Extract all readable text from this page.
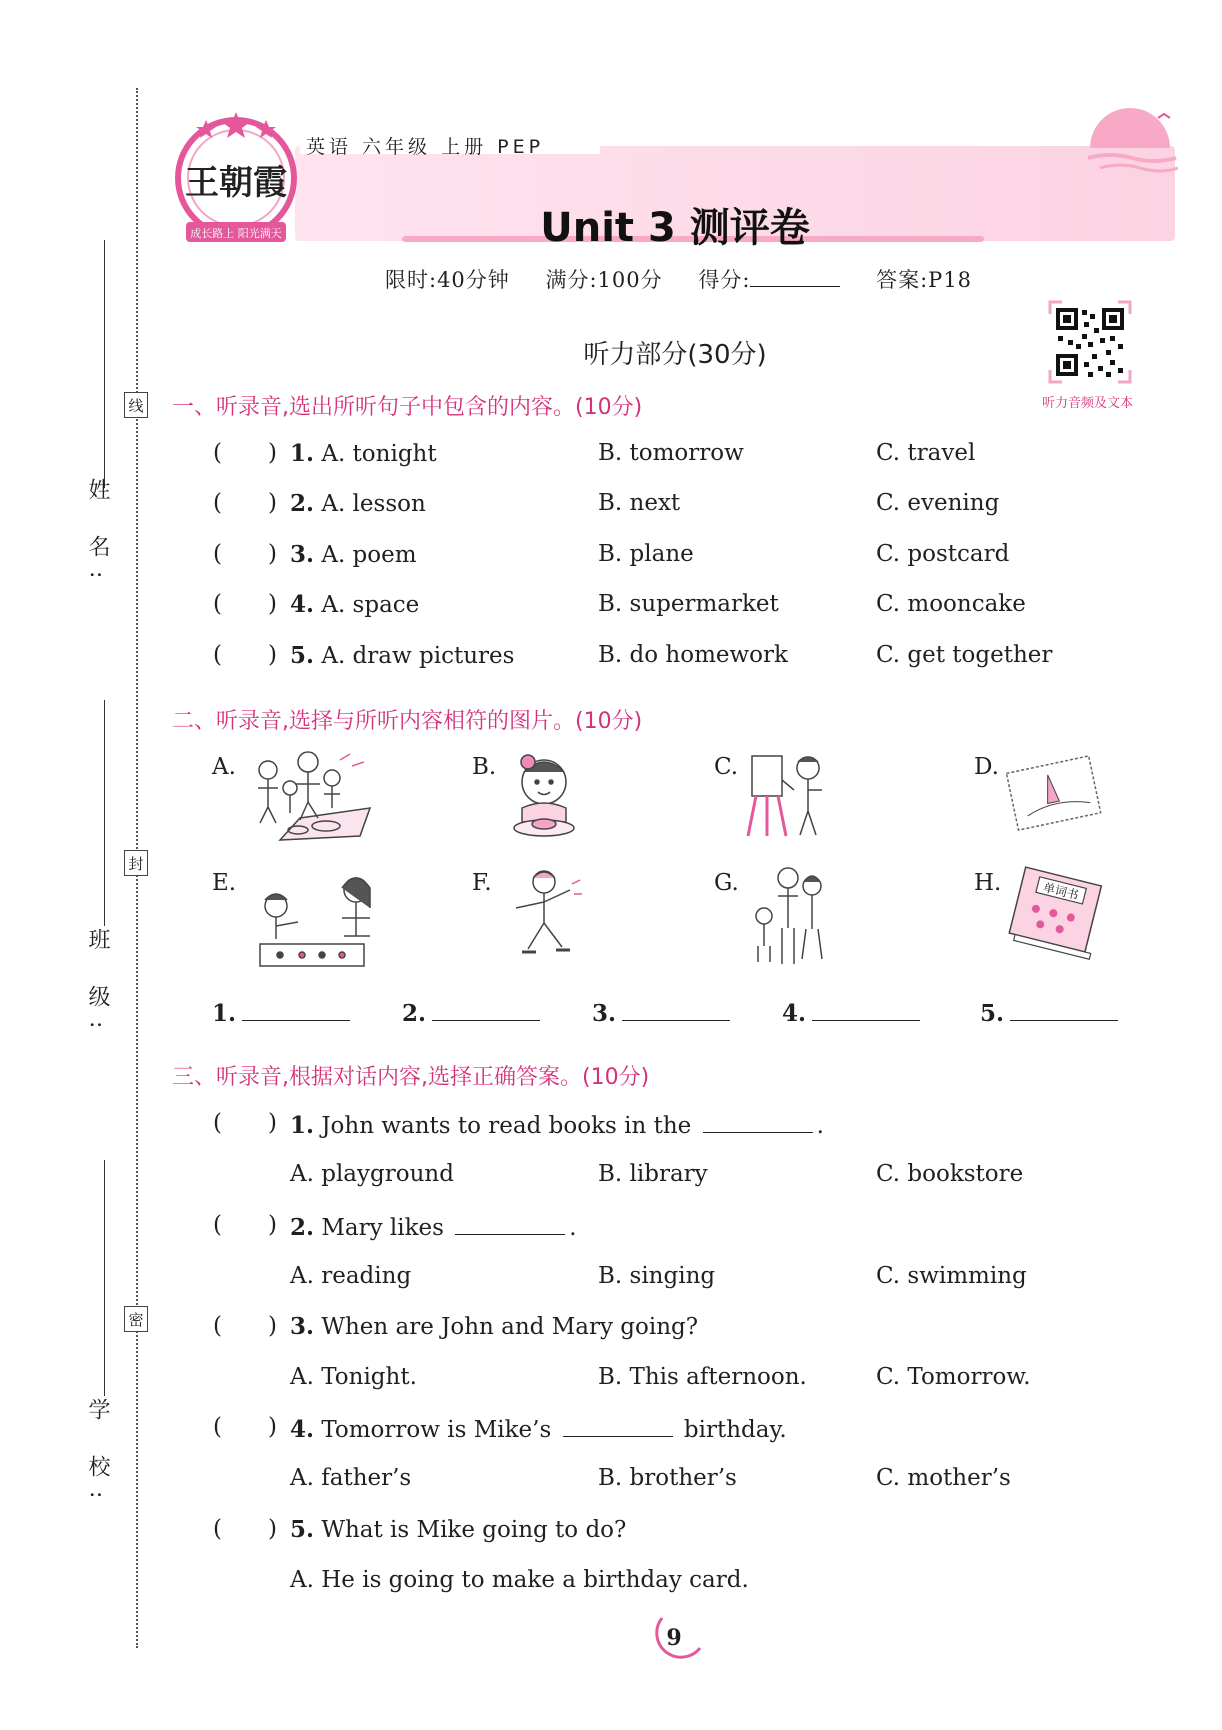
线
封
密
姓 名:
班 级:
学 校:
王朝霞
成长路上 阳光满天
英语 六年级 上册 PEP
Unit 3 测评卷
限时:40分钟 满分:100分 得分:	答案:P18
听力部分(30分)
听力音频及文本
一、听录音,选出所听句子中包含的内容。(10分)
(  ) 1. A. tonight	B. tomorrow	C. travel
(  ) 2. A. lesson	B. next	C. evening
(  ) 3. A. poem	B. plane	C. postcard
(  ) 4. A. space	B. supermarket	C. mooncake
(  ) 5. A. draw pictures	B. do homework	C. get together
二、听录音,选择与所听内容相符的图片。(10分)
A.	B.	C.	D.
E.	F.	G.	H.	单词书
1.	2.	3.	4.	5.
三、听录音,根据对话内容,选择正确答案。(10分)
(  ) 1. John wants to read books in the	.
A. playground	B. library	C. bookstore
(  ) 2. Mary likes	.
A. reading	B. singing	C. swimming
(  ) 3. When are John and Mary going?
A. Tonight.	B. This afternoon.	C. Tomorrow.
(  ) 4. Tomorrow is Mike’s	birthday.
A. father’s	B. brother’s	C. mother’s
(  ) 5. What is Mike going to do?
A. He is going to make a birthday card.
9
